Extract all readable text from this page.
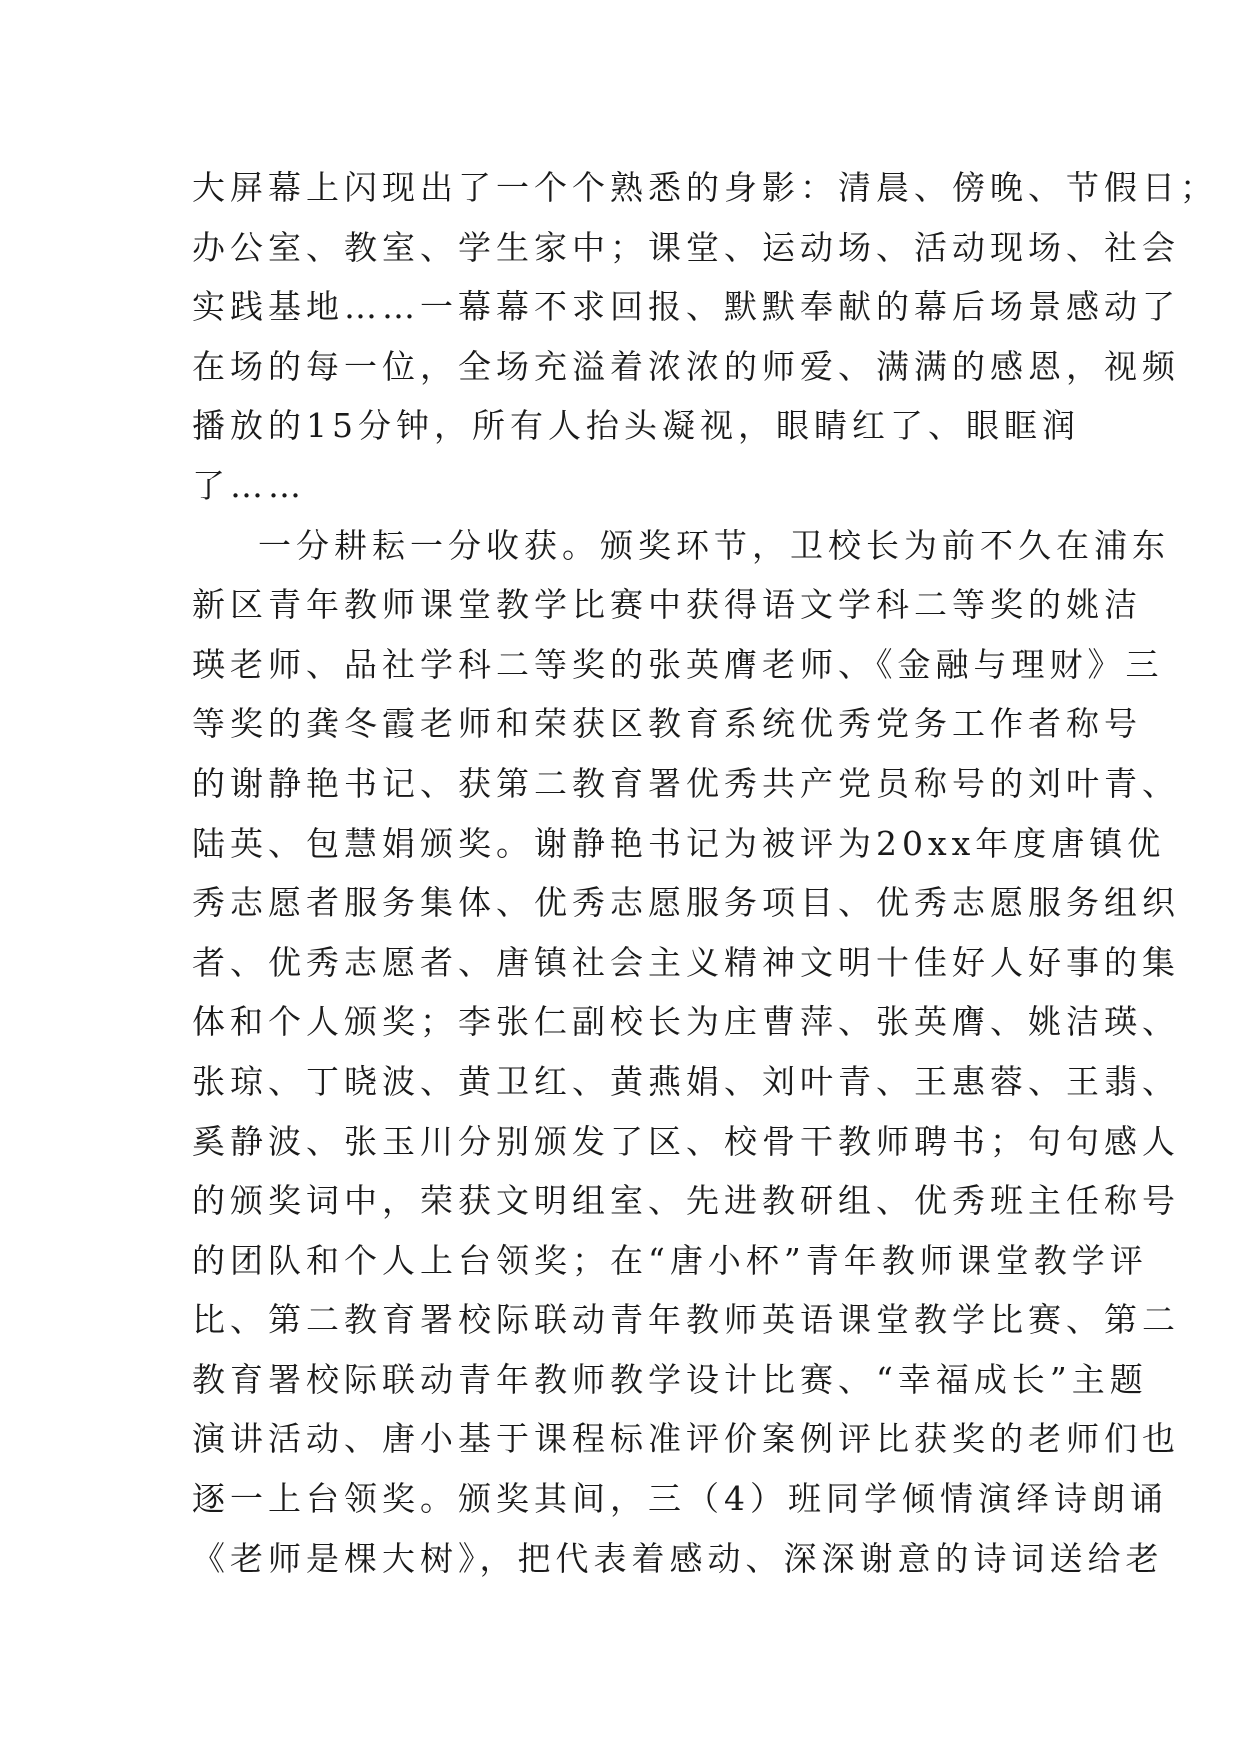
大屏幕上闪现出了一个个熟悉的身影：清晨、傍晚、节假日；
办公室、教室、学生家中；课堂、运动场、活动现场、社会
实践基地……一幕幕不求回报、默默奉献的幕后场景感动了
在场的每一位，全场充溢着浓浓的师爱、满满的感恩，视频
播放的15分钟，所有人抬头凝视，眼睛红了、眼眶润
了……
一分耕耘一分收获。颁奖环节，卫校长为前不久在浦东
新区青年教师课堂教学比赛中获得语文学科二等奖的姚洁
瑛老师、品社学科二等奖的张英膺老师、《金融与理财》三
等奖的龚冬霞老师和荣获区教育系统优秀党务工作者称号
的谢静艳书记、获第二教育署优秀共产党员称号的刘叶青、
陆英、包慧娟颁奖。谢静艳书记为被评为20xx年度唐镇优
秀志愿者服务集体、优秀志愿服务项目、优秀志愿服务组织
者、优秀志愿者、唐镇社会主义精神文明十佳好人好事的集
体和个人颁奖；李张仁副校长为庄曹萍、张英膺、姚洁瑛、
张琼、丁晓波、黄卫红、黄燕娟、刘叶青、王惠蓉、王翡、
奚静波、张玉川分别颁发了区、校骨干教师聘书；句句感人
的颁奖词中，荣获文明组室、先进教研组、优秀班主任称号
的团队和个人上台领奖；在“唐小杯”青年教师课堂教学评
比、第二教育署校际联动青年教师英语课堂教学比赛、第二
教育署校际联动青年教师教学设计比赛、“幸福成长”主题
演讲活动、唐小基于课程标准评价案例评比获奖的老师们也
逐一上台领奖。颁奖其间，三（4）班同学倾情演绎诗朗诵
《老师是棵大树》，把代表着感动、深深谢意的诗词送给老
